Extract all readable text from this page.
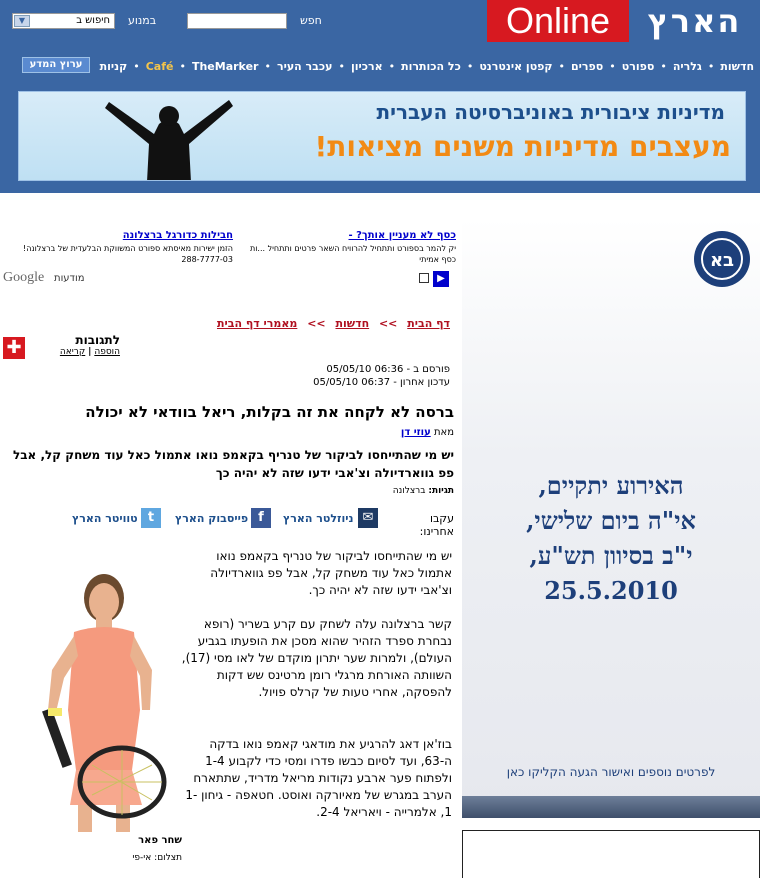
Online	הארץ
חפש
במנוע
חיפוש ב
▼
חדשות
•
גלריה
•
ספורט
•
ספרים
•
קפטן אינטרנט
•
כל הכותרות
•
ארכיון
•
עכבר העיר
•
TheMarker
•
Café
•
קניות
ערוץ המדע
מדיניות ציבורית באוניברסיטה העברית
מעצבים מדיניות משנים מציאות!
בא
האירוע יתקיים,
אי"ה ביום שלישי,
י"ב בסיוון תש"ע,
25.5.2010
לפרטים נוספים ואישור הגעה הקליקו כאן
כסף לא מעניין אותך? -
יק להמר בספורט ותתחיל להרוויח השאר פרטים ותתחיל ...ות כסף אמיתי
חבילות כדורגל ברצלונה
הזמן ישירות מאיסתא ספורט המשווקת הבלעדית של ברצלונה! 288-7777-03
Google מודעות	▶
דף הבית >> חדשות >> מאמרי דף הבית
✚	לתגובות
הוספה | קריאה
פורסם ב - 06:36 05/05/10
עדכון אחרון - 06:37 05/05/10
ברסה לא לקחה את זה בקלות, ריאל בוודאי לא יכולה
מאת עוזי דן
יש מי שהתייחסו לביקור של טנריף בקאמפ נואו אתמול כאל עוד משחק קל, אבל פפ גווארדיולה וצ'אבי ידעו שזה לא יהיה כך
תגיות: ברצלונה
עקבו אחרינו:
✉
ניוזלטר הארץ
f
פייסבוק הארץ
t
טוויטר הארץ
יש מי שהתייחסו לביקור של טנריף בקאמפ נואו אתמול כאל עוד משחק קל, אבל פפ גווארדיולה וצ'אבי ידעו שזה לא יהיה כך.
קשר ברצלונה עלה לשחק עם קרע בשריר (רופא נבחרת ספרד הזהיר שהוא מסכן את הופעתו בגביע העולם), ולמרות שער יתרון מוקדם של לאו מסי (17), השוותה האורחת מרגלי רומן מרטינס שש דקות להפסקה, אחרי טעות של קרלס פויול.
בוז'אן דאג להרגיע את מודאגי קאמפ נואו בדקה ה-63, ועד לסיום כבשו פדרו ומסי כדי לקבוע 1-4 ולפתוח פער ארבע נקודות מריאל מדריד, שתתארח הערב במגרש של מאיורקה ואוסט. חטאפה - גיחון 1-1, אלמרייה - ויאריאל 2-4.
שחר פאר
תצלום: אי-פי
